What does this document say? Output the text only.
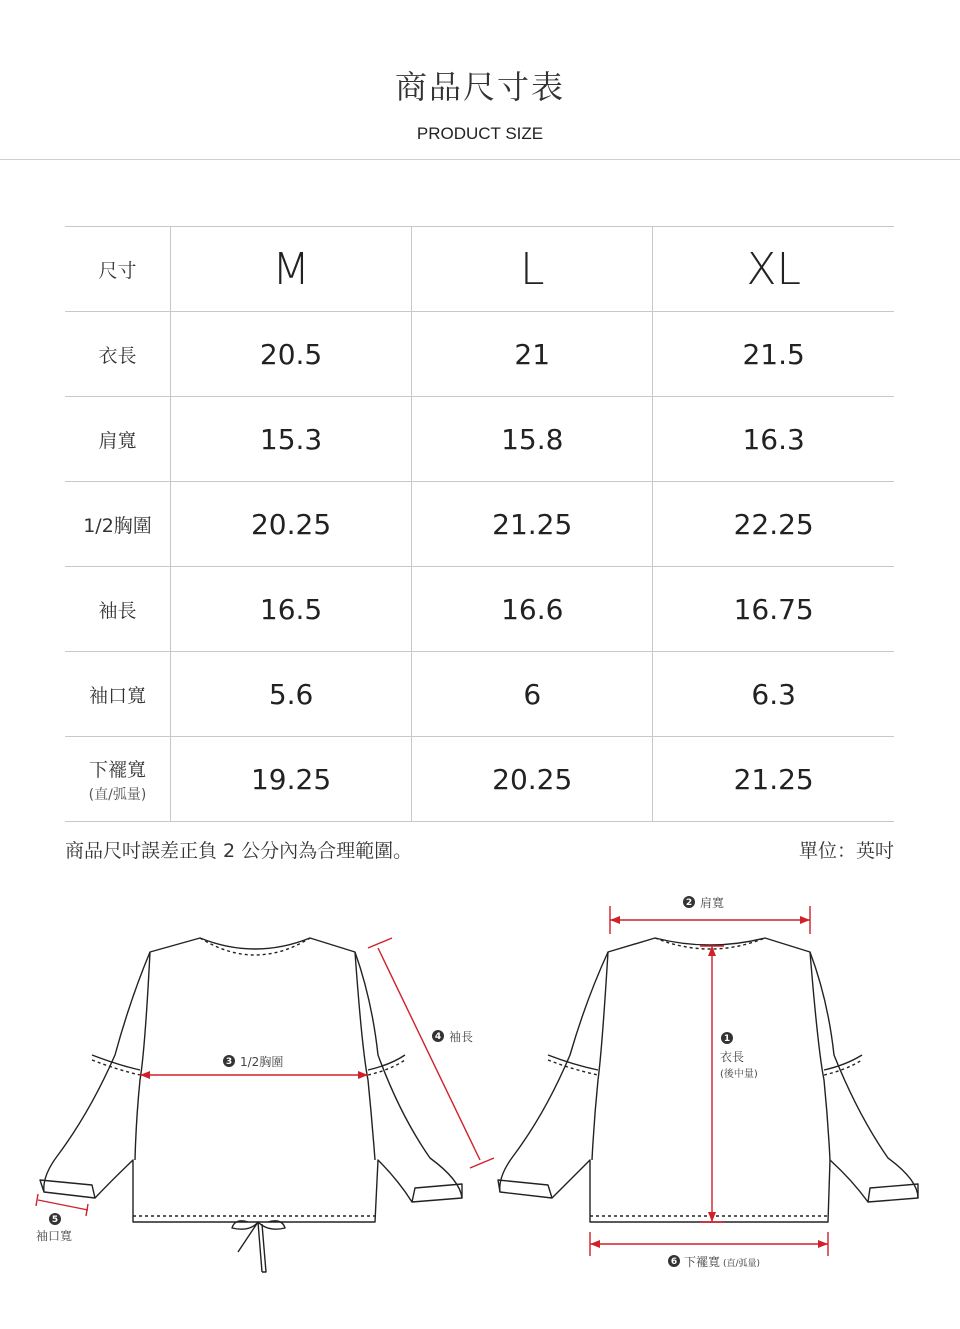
商品尺寸表
PRODUCT SIZE
尺寸	M	L	XL
衣長	20.5	21	21.5
肩寬	15.3	15.8	16.3
1/2胸圍	20.25	21.25	22.25
袖長	16.5	16.6	16.75
袖口寬	5.6	6	6.3
下襬寬
(直/弧量)	19.25	20.25	21.25
商品尺吋誤差正負 2 公分內為合理範圍。	單位：英吋
3 1/2胸圍
4 袖長
5
袖口寬
2 肩寬
1
衣長
(後中量)
6 下襬寬 (直/弧量)
